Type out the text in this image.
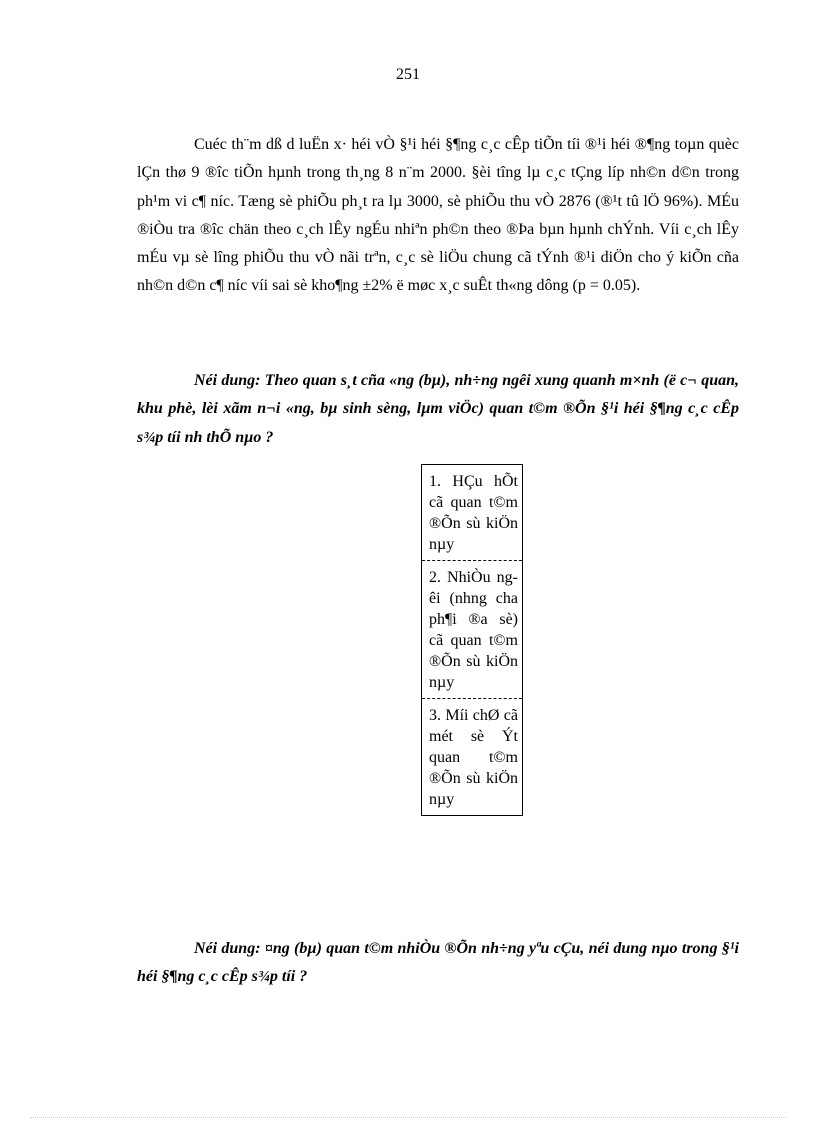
251

Cuéc th¨m dß d luËn x· héi vÒ §¹i héi §¶ng c¸c cÊp tiÕn tíi ®¹i héi ®¶ng toµn quèc lÇn thø 9 ®îc tiÕn hµnh trong th¸ng 8 n¨m 2000. §èi tîng lµ c¸c tÇng líp nh©n d©n trong ph¹m vi c¶ níc. Tæng sè phiÕu ph¸t ra lµ 3000, sè phiÕu thu vÒ 2876 (®¹t tû lÖ 96%). MÉu ®iÒu tra ®îc chän theo c¸ch lÊy ngÉu nhiªn ph©n theo ®Þa bµn hµnh chÝnh. Víi c¸ch lÊy mÉu vµ sè lîng phiÕu thu vÒ nãi trªn, c¸c sè liÖu chung cã tÝnh ®¹i diÖn cho ý kiÕn cña nh©n d©n c¶ níc víi sai sè kho¶ng ±2% ë møc x¸c suÊt th«ng dông (p = 0.05).

Néi dung: Theo quan s¸t cña «ng (bµ), nh÷ng ngêi xung quanh m×nh (ë c¬ quan, khu phè, lèi xãm n¬i «ng, bµ sinh sèng, lµm viÖc) quan t©m ®Õn §¹i héi §¶ng c¸c cÊp s¾p tíi nh thÕ nµo ?

1. HÇu hÕt cã quan t©m ®Õn sù kiÖn nµy
2. NhiÒu ngêi (nhng cha ph¶i ®a sè) cã quan t©m ®Õn sù kiÖn nµy
3. Míi chØ cã mét sè Ýt quan t©m ®Õn sù kiÖn nµy

Néi dung: ¤ng (bµ) quan t©m nhiÒu ®Õn nh÷ng yªu cÇu, néi dung nµo trong §¹i héi §¶ng c¸c cÊp s¾p tíi ?
